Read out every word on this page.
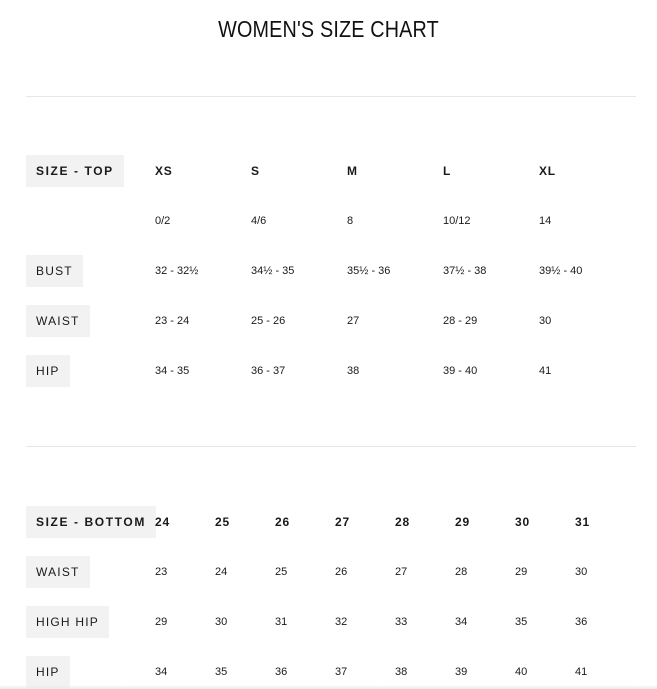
WOMEN'S SIZE CHART
SIZE - TOP	XS	S	M	L	XL
0/2	4/6	8	10/12	14
BUST	32 - 32½	34½ - 35	35½ - 36	37½ - 38	39½ - 40
WAIST	23 - 24	25 - 26	27	28 - 29	30
HIP	34 - 35	36 - 37	38	39 - 40	41
SIZE - BOTTOM 24	25	26	27	28	29	30	31
WAIST	23	24	25	26	27	28	29	30
HIGH HIP	29	30	31	32	33	34	35	36
HIP	34	35	36	37	38	39	40	41
